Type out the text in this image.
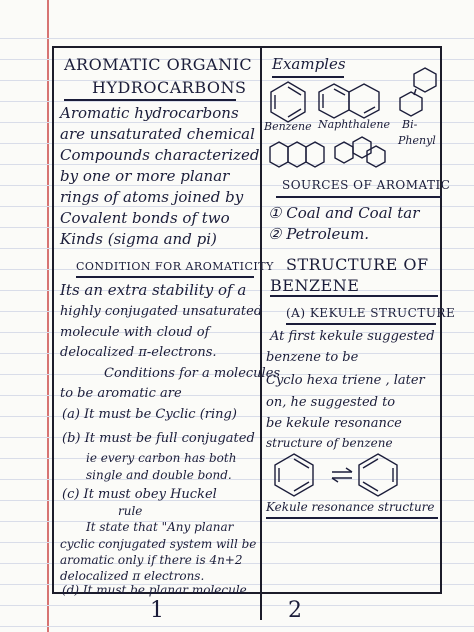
AROMATIC ORGANIC
HYDROCARBONS
Aromatic hydrocarbons
are unsaturated chemical
Compounds characterized
by one or more planar
rings of atoms joined by
Covalent bonds of two
Kinds (sigma and pi)
CONDITION FOR AROMATICITY
Its an extra stability of a
highly conjugated unsaturated
molecule with cloud of
delocalized π-electrons.
Conditions for a molecules
to be aromatic are
(a) It must be Cyclic (ring)
(b) It must be full conjugated
ie every carbon has both
single and double bond.
(c) It must obey Huckel
rule
It state that "Any planar
cyclic conjugated system will be
aromatic only if there is 4n+2
delocalized π electrons.
(d) It must be planar molecule.
1
Examples
Benzene Naphthalene Bi-
Phenyl
SOURCES OF AROMATIC
① Coal and Coal tar
② Petroleum.
STRUCTURE OF
BENZENE
(A) KEKULE STRUCTURE
At first kekule suggested
benzene to be
Cyclo hexa triene , later
on, he suggested to
be kekule resonance
structure of benzene
Kekule resonance structure
2
